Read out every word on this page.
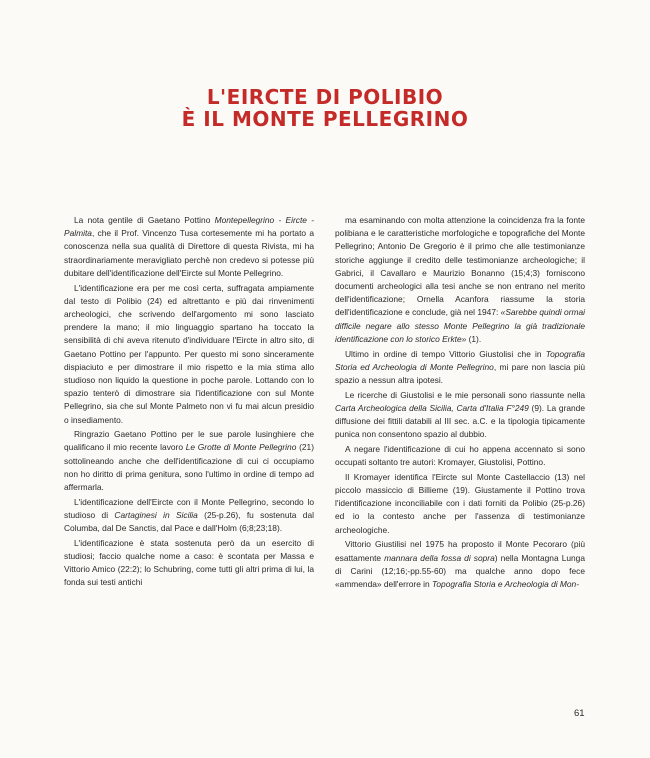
L'EIRCTE DI POLIBIO
È IL MONTE PELLEGRINO

La nota gentile di Gaetano Pottino Montepellegrino - Eircte - Palmita, che il Prof. Vincenzo Tusa cortesemente mi ha portato a conoscenza nella sua qualità di Direttore di questa Rivista, mi ha straordinariamente meravigliato perchè non credevo si potesse più dubitare dell'identificazione dell'Eircte sul Monte Pellegrino.

L'identificazione era per me così certa, suffragata ampiamente dal testo di Polibio (24) ed altrettanto e più dai rinvenimenti archeologici, che scrivendo dell'argomento mi sono lasciato prendere la mano; il mio linguaggio spartano ha toccato la sensibilità di chi aveva ritenuto d'individuare l'Eircte in altro sito, di Gaetano Pottino per l'appunto. Per questo mi sono sinceramente dispiaciuto e per dimostrare il mio rispetto e la mia stima allo studioso non liquido la questione in poche parole. Lottando con lo spazio tenterò di dimostrare sia l'identificazione con sul Monte Pellegrino, sia che sul Monte Palmeto non vi fu mai alcun presidio o insediamento.

Ringrazio Gaetano Pottino per le sue parole lusinghiere che qualificano il mio recente lavoro Le Grotte di Monte Pellegrino (21) sottolineando anche che dell'identificazione di cui ci occupiamo non ho diritto di prima genitura, sono l'ultimo in ordine di tempo ad affermarla.

L'identificazione dell'Eircte con il Monte Pellegrino, secondo lo studioso di Cartaginesi in Sicilia (25-p.26), fu sostenuta dal Columba, dal De Sanctis, dal Pace e dall'Holm (6;8;23;18).

L'identificazione è stata sostenuta però da un esercito di studiosi; faccio qualche nome a caso: è scontata per Massa e Vittorio Amico (22:2); lo Schubring, come tutti gli altri prima di lui, la fonda sui testi antichi

ma esaminando con molta attenzione la coincidenza fra la fonte polibiana e le caratteristiche morfologiche e topografiche del Monte Pellegrino; Antonio De Gregorio è il primo che alle testimonianze storiche aggiunge il credito delle testimonianze archeologiche; il Gabrici, il Cavallaro e Maurizio Bonanno (15;4;3) forniscono documenti archeologici alla tesi anche se non entrano nel merito dell'identificazione; Ornella Acanfora riassume la storia dell'identificazione e conclude, già nel 1947: «Sarebbe quindi ormai difficile negare allo stesso Monte Pellegrino la già tradizionale identificazione con lo storico Erkte» (1).

Ultimo in ordine di tempo Vittorio Giustolisi che in Topografia Storia ed Archeologia di Monte Pellegrino, mi pare non lascia più spazio a nessun altra ipotesi.

Le ricerche di Giustolisi e le mie personali sono riassunte nella Carta Archeologica della Sicilia, Carta d'Italia F°249 (9). La grande diffusione dei fittili databili al III sec. a.C. e la tipologia tipicamente punica non consentono spazio al dubbio.

A negare l'identificazione di cui ho appena accennato si sono occupati soltanto tre autori: Kromayer, Giustolisi, Pottino.

Il Kromayer identifica l'Eircte sul Monte Castellaccio (13) nel piccolo massiccio di Billieme (19). Giustamente il Pottino trova l'identificazione inconciliabile con i dati forniti da Polibio (25-p.26) ed io la contesto anche per l'assenza di testimonianze archeologiche.

Vittorio Giustilisi nel 1975 ha proposto il Monte Pecoraro (più esattamente mannara della fossa di sopra) nella Montagna Lunga di Carini (12;16;-pp.55-60) ma qualche anno dopo fece «ammenda» dell'errore in Topografia Storia e Archeologia di Mon-

61
